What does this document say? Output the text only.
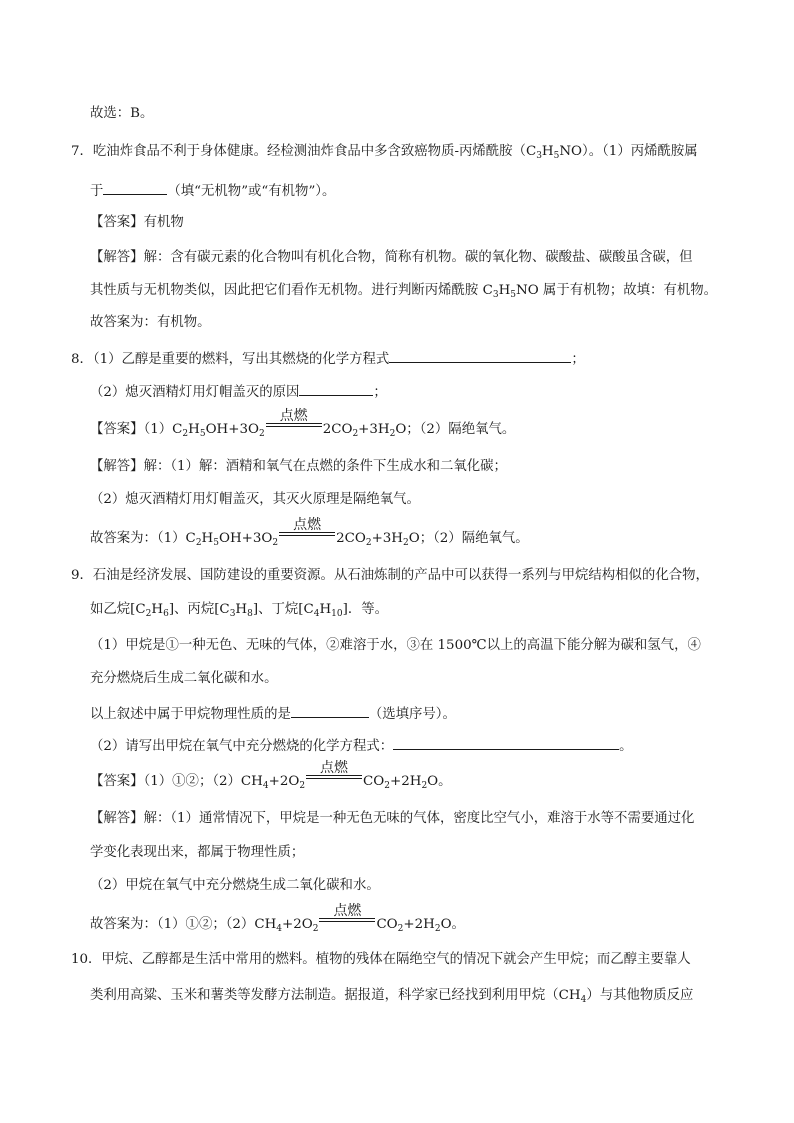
故选：B。
7．吃油炸食品不利于身体健康。经检测油炸食品中多含致癌物质-丙烯酰胺$(C_3H_5NO)$。（1）丙烯酰胺属
于	（填“无机物”或“有机物”）。
【答案】有机物
【解答】解：含有碳元素的化合物叫有机化合物，简称有机物。碳的氧化物、碳酸盐、碳酸虽含碳，但
其性质与无机物类似，因此把它们看作无机物。进行判断丙烯酰胺 $C_3H_5NO$ 属于有机物；故填：有机物。
故答案为：有机物。
8．（1）乙醇是重要的燃料，写出其燃烧的化学方程式	；
（2）熄灭酒精灯用灯帽盖灭的原因	；
【答案】$(1)C_2H_5OH+3O_2$
点燃
$2CO_2+3H_2O$；（2）隔绝氧气。
【解答】解：（1）解：酒精和氧气在点燃的条件下生成水和二氧化碳；
（2）熄灭酒精灯用灯帽盖灭，其灭火原理是隔绝氧气。
故答案为：$(1)C_2H_5OH+3O_2$
点燃
$2CO_2+3H_2O$；（2）隔绝氧气。
9．石油是经济发展、国防建设的重要资源。从石油炼制的产品中可以获得一系列与甲烷结构相似的化合物，
如乙烷$[C_2H_6]$、丙烷$[C_3H_8]$、丁烷$[C_4H_{10}]$．等。
（1）甲烷是①一种无色、无味的气体，②难溶于水，③在 1500℃以上的高温下能分解为碳和氢气，④
充分燃烧后生成二氧化碳和水。
以上叙述中属于甲烷物理性质的是	（选填序号）。
（2）请写出甲烷在氧气中充分燃烧的化学方程式：	。
【答案】（1）①②；$(2)CH_4+2O_2$
点燃
$CO_2+2H_2O$。
【解答】解：（1）通常情况下，甲烷是一种无色无味的气体，密度比空气小，难溶于水等不需要通过化
学变化表现出来，都属于物理性质；
（2）甲烷在氧气中充分燃烧生成二氧化碳和水。
故答案为：（1）①②；$(2)CH_4+2O_2$
点燃
$CO_2+2H_2O$。
10．甲烷、乙醇都是生活中常用的燃料。植物的残体在隔绝空气的情况下就会产生甲烷；而乙醇主要靠人
类利用高粱、玉米和薯类等发酵方法制造。据报道，科学家已经找到利用甲烷$(CH_4)$与其他物质反应
